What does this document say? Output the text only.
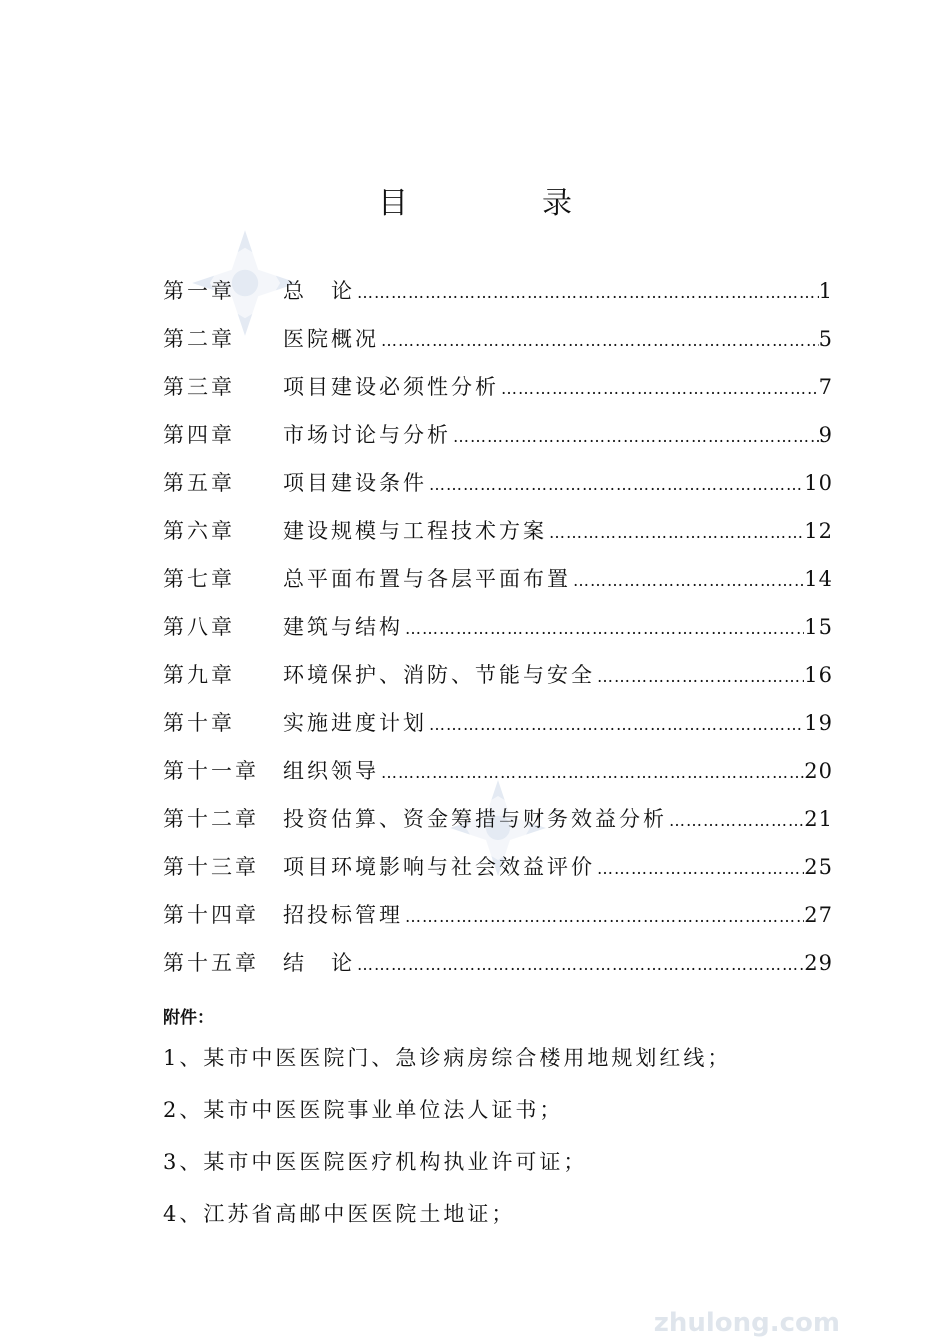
目　录
第一章	总　论 …………………………………………………………………………………………………………………………………………………	1
第二章	医院概况 …………………………………………………………………………………………………………………………………………………	5
第三章	项目建设必须性分析 …………………………………………………………………………………………………………………………………………………	7
第四章	市场讨论与分析 …………………………………………………………………………………………………………………………………………………	9
第五章	项目建设条件 …………………………………………………………………………………………………………………………………………………	10
第六章	建设规模与工程技术方案 …………………………………………………………………………………………………………………………………………………	12
第七章	总平面布置与各层平面布置 …………………………………………………………………………………………………………………………………………………	14
第八章	建筑与结构 …………………………………………………………………………………………………………………………………………………	15
第九章	环境保护、消防、节能与安全 …………………………………………………………………………………………………………………………………………………	16
第十章	实施进度计划 …………………………………………………………………………………………………………………………………………………	19
第十一章	组织领导 …………………………………………………………………………………………………………………………………………………	20
第十二章	投资估算、资金筹措与财务效益分析 …………………………………………………………………………………………………………………………………………………	21
第十三章	项目环境影响与社会效益评价 …………………………………………………………………………………………………………………………………………………	25
第十四章	招投标管理 …………………………………………………………………………………………………………………………………………………	27
第十五章	结　论 …………………………………………………………………………………………………………………………………………………	29
附件：
1、某市中医医院门、急诊病房综合楼用地规划红线；
2、某市中医医院事业单位法人证书；
3、某市中医医院医疗机构执业许可证；
4、江苏省高邮中医医院土地证；
zhulong.com
